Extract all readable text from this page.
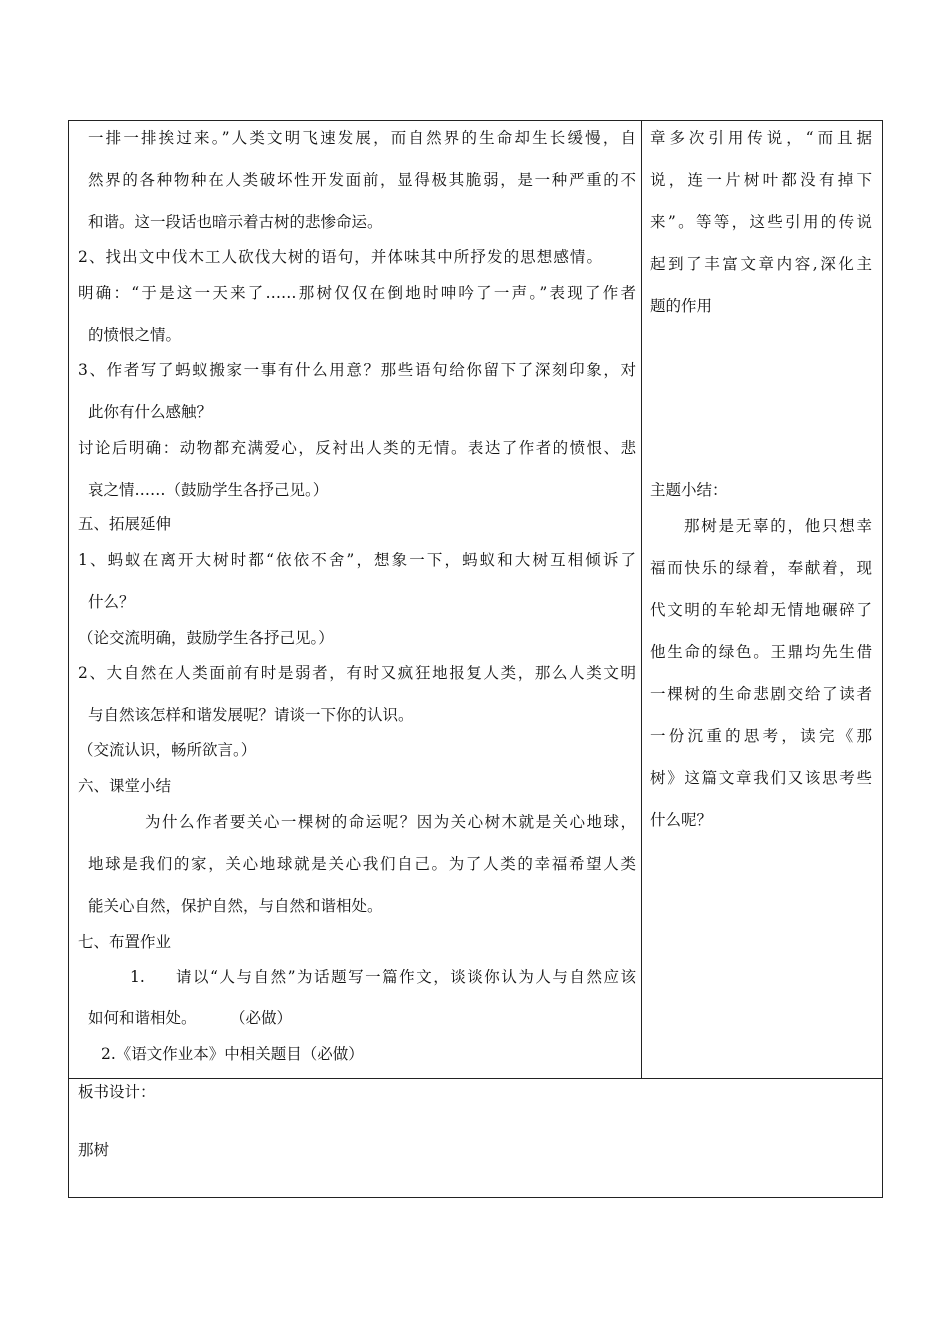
一排一排挨过来。”人类文明飞速发展，而自然界的生命却生长缓慢，自
然界的各种物种在人类破坏性开发面前，显得极其脆弱，是一种严重的不
和谐。这一段话也暗示着古树的悲惨命运。
2、找出文中伐木工人砍伐大树的语句，并体味其中所抒发的思想感情。
明确：“于是这一天来了……那树仅仅在倒地时呻吟了一声。”表现了作者
的愤恨之情。
3、作者写了蚂蚁搬家一事有什么用意？那些语句给你留下了深刻印象，对
此你有什么感触？
讨论后明确：动物都充满爱心，反衬出人类的无情。表达了作者的愤恨、悲
哀之情……（鼓励学生各抒己见。）
五、拓展延伸
1、蚂蚁在离开大树时都“依依不舍”，想象一下，蚂蚁和大树互相倾诉了
什么？
（论交流明确，鼓励学生各抒己见。）
2、大自然在人类面前有时是弱者，有时又疯狂地报复人类，那么人类文明
与自然该怎样和谐发展呢？请谈一下你的认识。
（交流认识，畅所欲言。）
六、课堂小结
为什么作者要关心一棵树的命运呢？因为关心树木就是关心地球，
地球是我们的家，关心地球就是关心我们自己。为了人类的幸福希望人类
能关心自然，保护自然，与自然和谐相处。
七、布置作业
1. 请以“人与自然”为话题写一篇作文，谈谈你认为人与自然应该
如何和谐相处。 （必做）
2.《语文作业本》中相关题目（必做）
章多次引用传说，“而且据
说，连一片树叶都没有掉下
来”。等等，这些引用的传说
起到了丰富文章内容,深化主
题的作用
主题小结：
那树是无辜的，他只想幸
福而快乐的绿着，奉献着，现
代文明的车轮却无情地碾碎了
他生命的绿色。王鼎均先生借
一棵树的生命悲剧交给了读者
一份沉重的思考，读完《那
树》这篇文章我们又该思考些
什么呢？
板书设计：
那树
